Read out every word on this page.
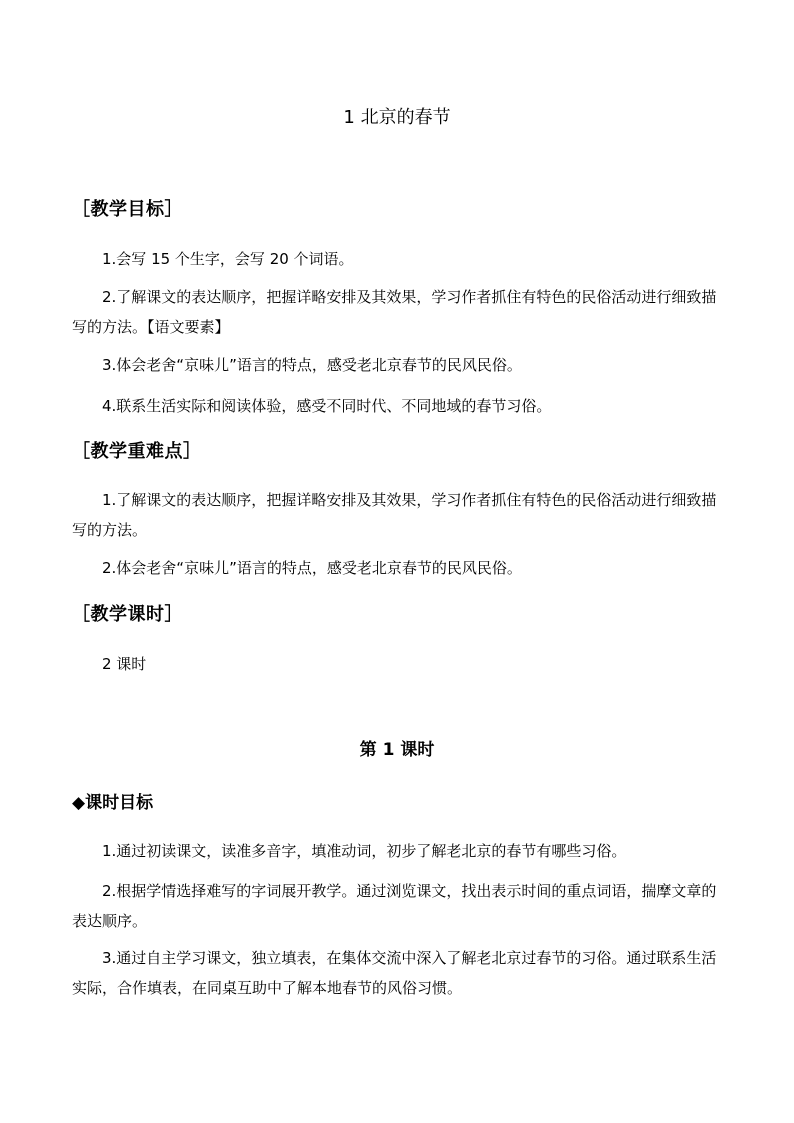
1 北京的春节
［教学目标］
1.会写 15 个生字，会写 20 个词语。
2.了解课文的表达顺序，把握详略安排及其效果，学习作者抓住有特色的民俗活动进行细致描写的方法。【语文要素】
3.体会老舍“京味儿”语言的特点，感受老北京春节的民风民俗。
4.联系生活实际和阅读体验，感受不同时代、不同地域的春节习俗。
［教学重难点］
1.了解课文的表达顺序，把握详略安排及其效果，学习作者抓住有特色的民俗活动进行细致描写的方法。
2.体会老舍“京味儿”语言的特点，感受老北京春节的民风民俗。
［教学课时］
2 课时
第 1 课时
◆课时目标
1.通过初读课文，读准多音字，填准动词，初步了解老北京的春节有哪些习俗。
2.根据学情选择难写的字词展开教学。通过浏览课文，找出表示时间的重点词语，揣摩文章的表达顺序。
3.通过自主学习课文，独立填表，在集体交流中深入了解老北京过春节的习俗。通过联系生活实际，合作填表，在同桌互助中了解本地春节的风俗习惯。
